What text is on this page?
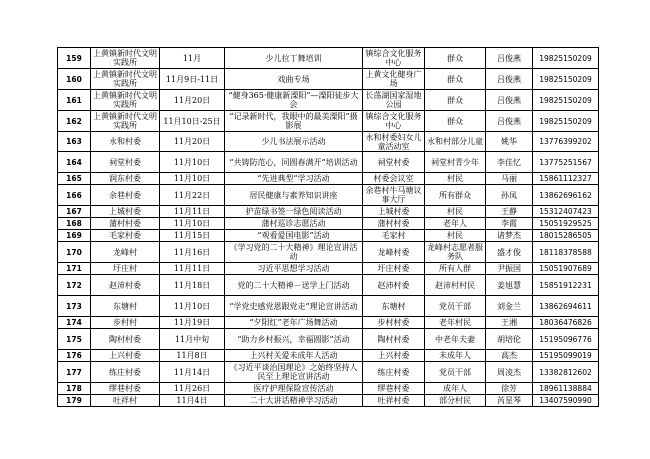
159	上黄镇新时代文明实践所	11月	少儿拉丁舞培训	镇综合文化服务中心	群众	吕俊燕	19825150209
160	上黄镇新时代文明实践所	11月9日-11日	戏曲专场	上黄文化健身广场	群众	吕俊燕	19825150209
161	上黄镇新时代文明实践所	11月20日	“健身365·健康新溧阳”—溧阳徒步大会	长荡湖国家湿地公园	群众	吕俊燕	19825150209
162	上黄镇新时代文明实践所	11月10日-25日	“记录新时代，我眼中的最美溧阳”摄影展	镇综合文化服务中心	群众	吕俊燕	19825150209
163	永和村委	11月20日	少儿书法展示活动	永和村委妇女儿童活动室	永和村部分儿童	姚华	13776399202
164	祠堂村委	11月10日	“共铸防范心，同圆春满开”培训活动	祠堂村委	祠堂村青少年	李佳忆	13775251567
165	润东村委	11月10日	“先进典型”学习活动	村委会议室	村民	马丽	15861112327
166	余巷村委	11月22日	居民健康与素养知识讲座	余巷村牛马塘议事大厅	所有群众	孙凤	13862696162
167	上城村委	11月11日	护苗绿书签一绿色阅读活动	上城村委	村民	王静	15312407423
168	蒲村村委	11月10日	蒲村巡诊志愿活动	蒲村村委	老年人	李霞	15051929525
169	毛家村委	11月15日	“观看爱国电影”活动	毛家村	村民	诸梦杰	18015286505
170	龙峰村	11月16日	《学习党的二十大精神》理论宣讲活动	龙峰村委	龙峰村志愿者服务队	盛才俊	18118378588
171	圩庄村	11月11日	习近平思想学习活动	圩庄村委	所有人群	尹振国	15051907689
172	赵沛村委	11月18日	党的二十大精神－送学上门活动	赵沛村委	赵沛村村民	姜旭慧	15851912231
173	东塘村	11月10日	“学党史感党恩跟党走”理论宣讲活动	东塘村	党员干部	刘金兰	13862694611
174	步村村	11月19日	“夕阳红”老年广场舞活动	步村村委	老年村民	王湘	18036476826
175	陶村村委	11月中旬	“助力乡村振兴，幸福圆影”活动	陶村村委	中老年夫妻	胡培伦	15195096776
176	上兴村委	11月8日	上兴村关爱未成年人活动	上兴村委	未成年人	高杰	15195099019
177	练庄村委	11月14日	《习近平谈治国理论》之始终坚持人民至上理论宣讲活动	练庄村委	党员干部	周凌杰	13382812602
178	缪巷村委	11月26日	医疗护理保险宣传活动	缪巷村委	成年人	徐芳	18961138884
179	吐祥村	11月4日	二十大讲话精神学习活动	吐祥村委	部分村民	芮星琴	13407590990
